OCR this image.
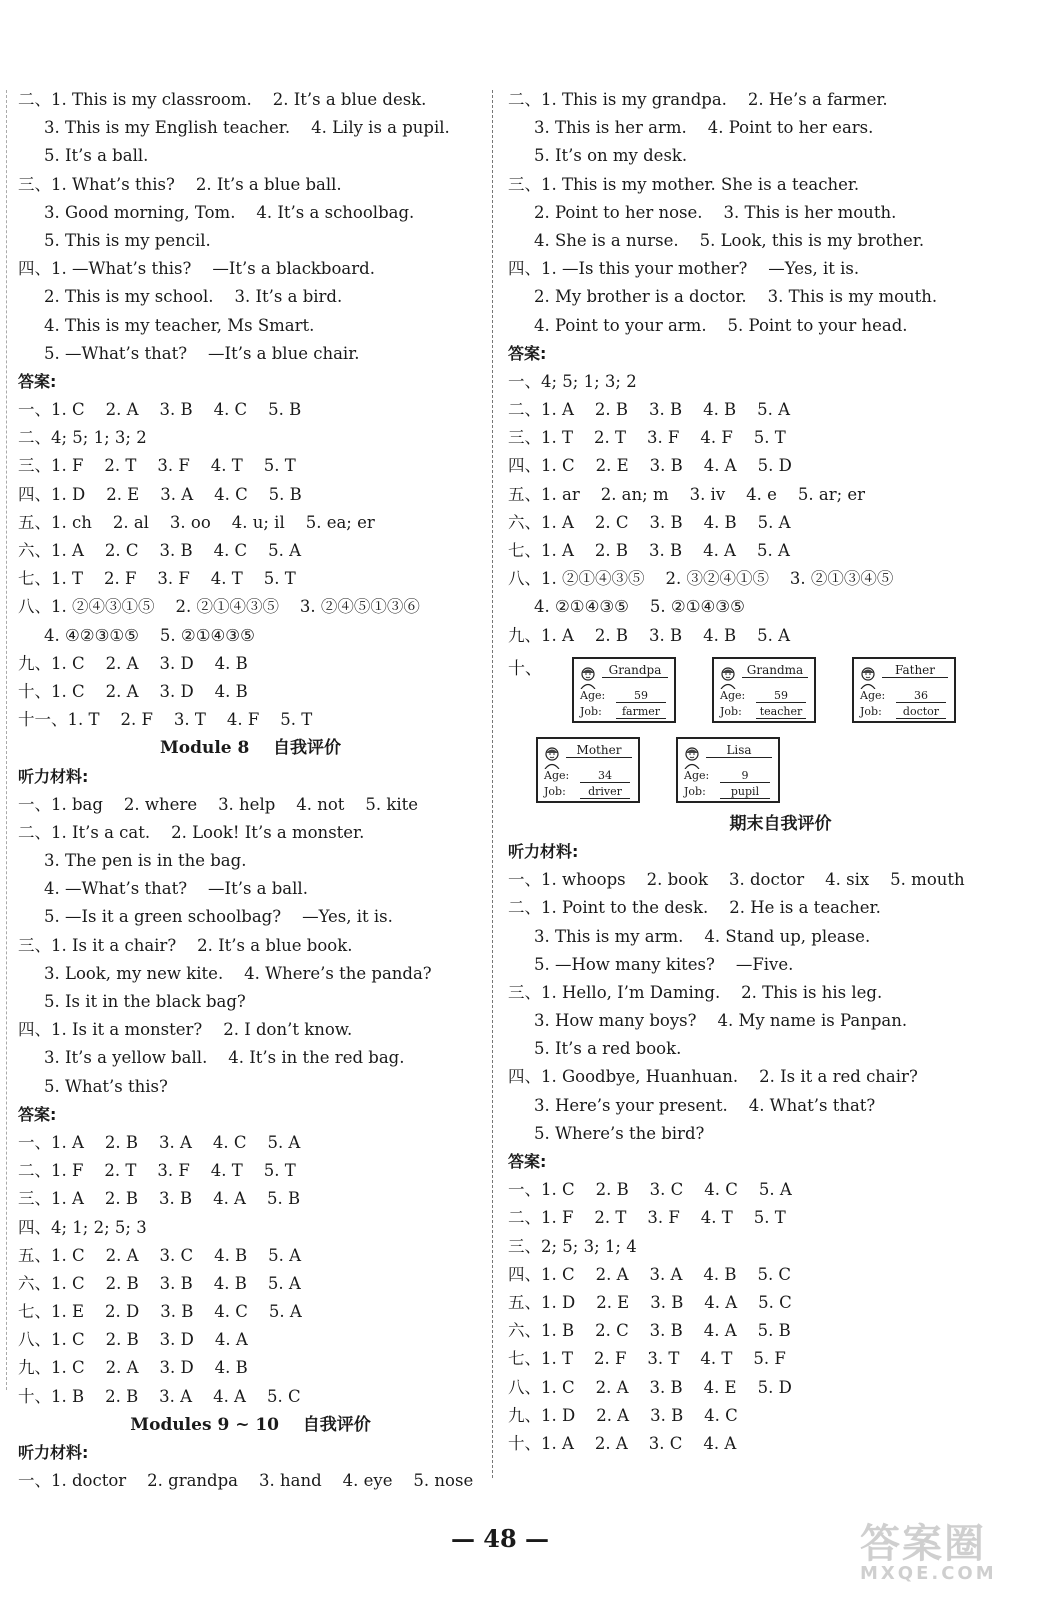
二、1. This is my classroom.    2. It’s a blue desk.
3. This is my English teacher.    4. Lily is a pupil.
5. It’s a ball.
三、1. What’s this?    2. It’s a blue ball.
3. Good morning, Tom.    4. It’s a schoolbag.
5. This is my pencil.
四、1. —What’s this?    —It’s a blackboard.
2. This is my school.    3. It’s a bird.
4. This is my teacher, Ms Smart.
5. —What’s that?    —It’s a blue chair.
答案:
一、1. C    2. A    3. B    4. C    5. B
二、4; 5; 1; 3; 2
三、1. F    2. T    3. F    4. T    5. T
四、1. D    2. E    3. A    4. C    5. B
五、1. ch    2. al    3. oo    4. u; il    5. ea; er
六、1. A    2. C    3. B    4. C    5. A
七、1. T    2. F    3. F    4. T    5. T
八、1. ②④③①⑤    2. ②①④③⑤    3. ②④⑤①③⑥
4. ④②③①⑤    5. ②①④③⑤
九、1. C    2. A    3. D    4. B
十、1. C    2. A    3. D    4. B
十一、1. T    2. F    3. T    4. F    5. T
Module 8    自我评价
听力材料:
一、1. bag    2. where    3. help    4. not    5. kite
二、1. It’s a cat.    2. Look! It’s a monster.
3. The pen is in the bag.
4. —What’s that?    —It’s a ball.
5. —Is it a green schoolbag?    —Yes, it is.
三、1. Is it a chair?    2. It’s a blue book.
3. Look, my new kite.    4. Where’s the panda?
5. Is it in the black bag?
四、1. Is it a monster?    2. I don’t know.
3. It’s a yellow ball.    4. It’s in the red bag.
5. What’s this?
答案:
一、1. A    2. B    3. A    4. C    5. A
二、1. F    2. T    3. F    4. T    5. T
三、1. A    2. B    3. B    4. A    5. B
四、4; 1; 2; 5; 3
五、1. C    2. A    3. C    4. B    5. A
六、1. C    2. B    3. B    4. B    5. A
七、1. E    2. D    3. B    4. C    5. A
八、1. C    2. B    3. D    4. A
九、1. C    2. A    3. D    4. B
十、1. B    2. B    3. A    4. A    5. C
Modules 9 ~ 10    自我评价
听力材料:
一、1. doctor    2. grandpa    3. hand    4. eye    5. nose
二、1. This is my grandpa.    2. He’s a farmer.
3. This is her arm.    4. Point to her ears.
5. It’s on my desk.
三、1. This is my mother. She is a teacher.
2. Point to her nose.    3. This is her mouth.
4. She is a nurse.    5. Look, this is my brother.
四、1. —Is this your mother?    —Yes, it is.
2. My brother is a doctor.    3. This is my mouth.
4. Point to your arm.    5. Point to your head.
答案:
一、4; 5; 1; 3; 2
二、1. A    2. B    3. B    4. B    5. A
三、1. T    2. T    3. F    4. F    5. T
四、1. C    2. E    3. B    4. A    5. D
五、1. ar    2. an; m    3. iv    4. e    5. ar; er
六、1. A    2. C    3. B    4. B    5. A
七、1. A    2. B    3. B    4. A    5. A
八、1. ②①④③⑤    2. ③②④①⑤    3. ②①③④⑤
4. ②①④③⑤    5. ②①④③⑤
九、1. A    2. B    3. B    4. B    5. A
十、	Grandpa
Age:	59
Job:	farmer
Grandma
Age:	59
Job:	teacher
Father
Age:	36
Job:	doctor
Mother
Age:	34
Job:	driver
Lisa
Age:	9
Job:	pupil
期末自我评价
听力材料:
一、1. whoops    2. book    3. doctor    4. six    5. mouth
二、1. Point to the desk.    2. He is a teacher.
3. This is my arm.    4. Stand up, please.
5. —How many kites?    —Five.
三、1. Hello, I’m Daming.    2. This is his leg.
3. How many boys?    4. My name is Panpan.
5. It’s a red book.
四、1. Goodbye, Huanhuan.    2. Is it a red chair?
3. Here’s your present.    4. What’s that?
5. Where’s the bird?
答案:
一、1. C    2. B    3. C    4. C    5. A
二、1. F    2. T    3. F    4. T    5. T
三、2; 5; 3; 1; 4
四、1. C    2. A    3. A    4. B    5. C
五、1. D    2. E    3. B    4. A    5. C
六、1. B    2. C    3. B    4. A    5. B
七、1. T    2. F    3. T    4. T    5. F
八、1. C    2. A    3. B    4. E    5. D
九、1. D    2. A    3. B    4. C
十、1. A    2. A    3. C    4. A
— 48 —	答案圈
MXQE.COM
